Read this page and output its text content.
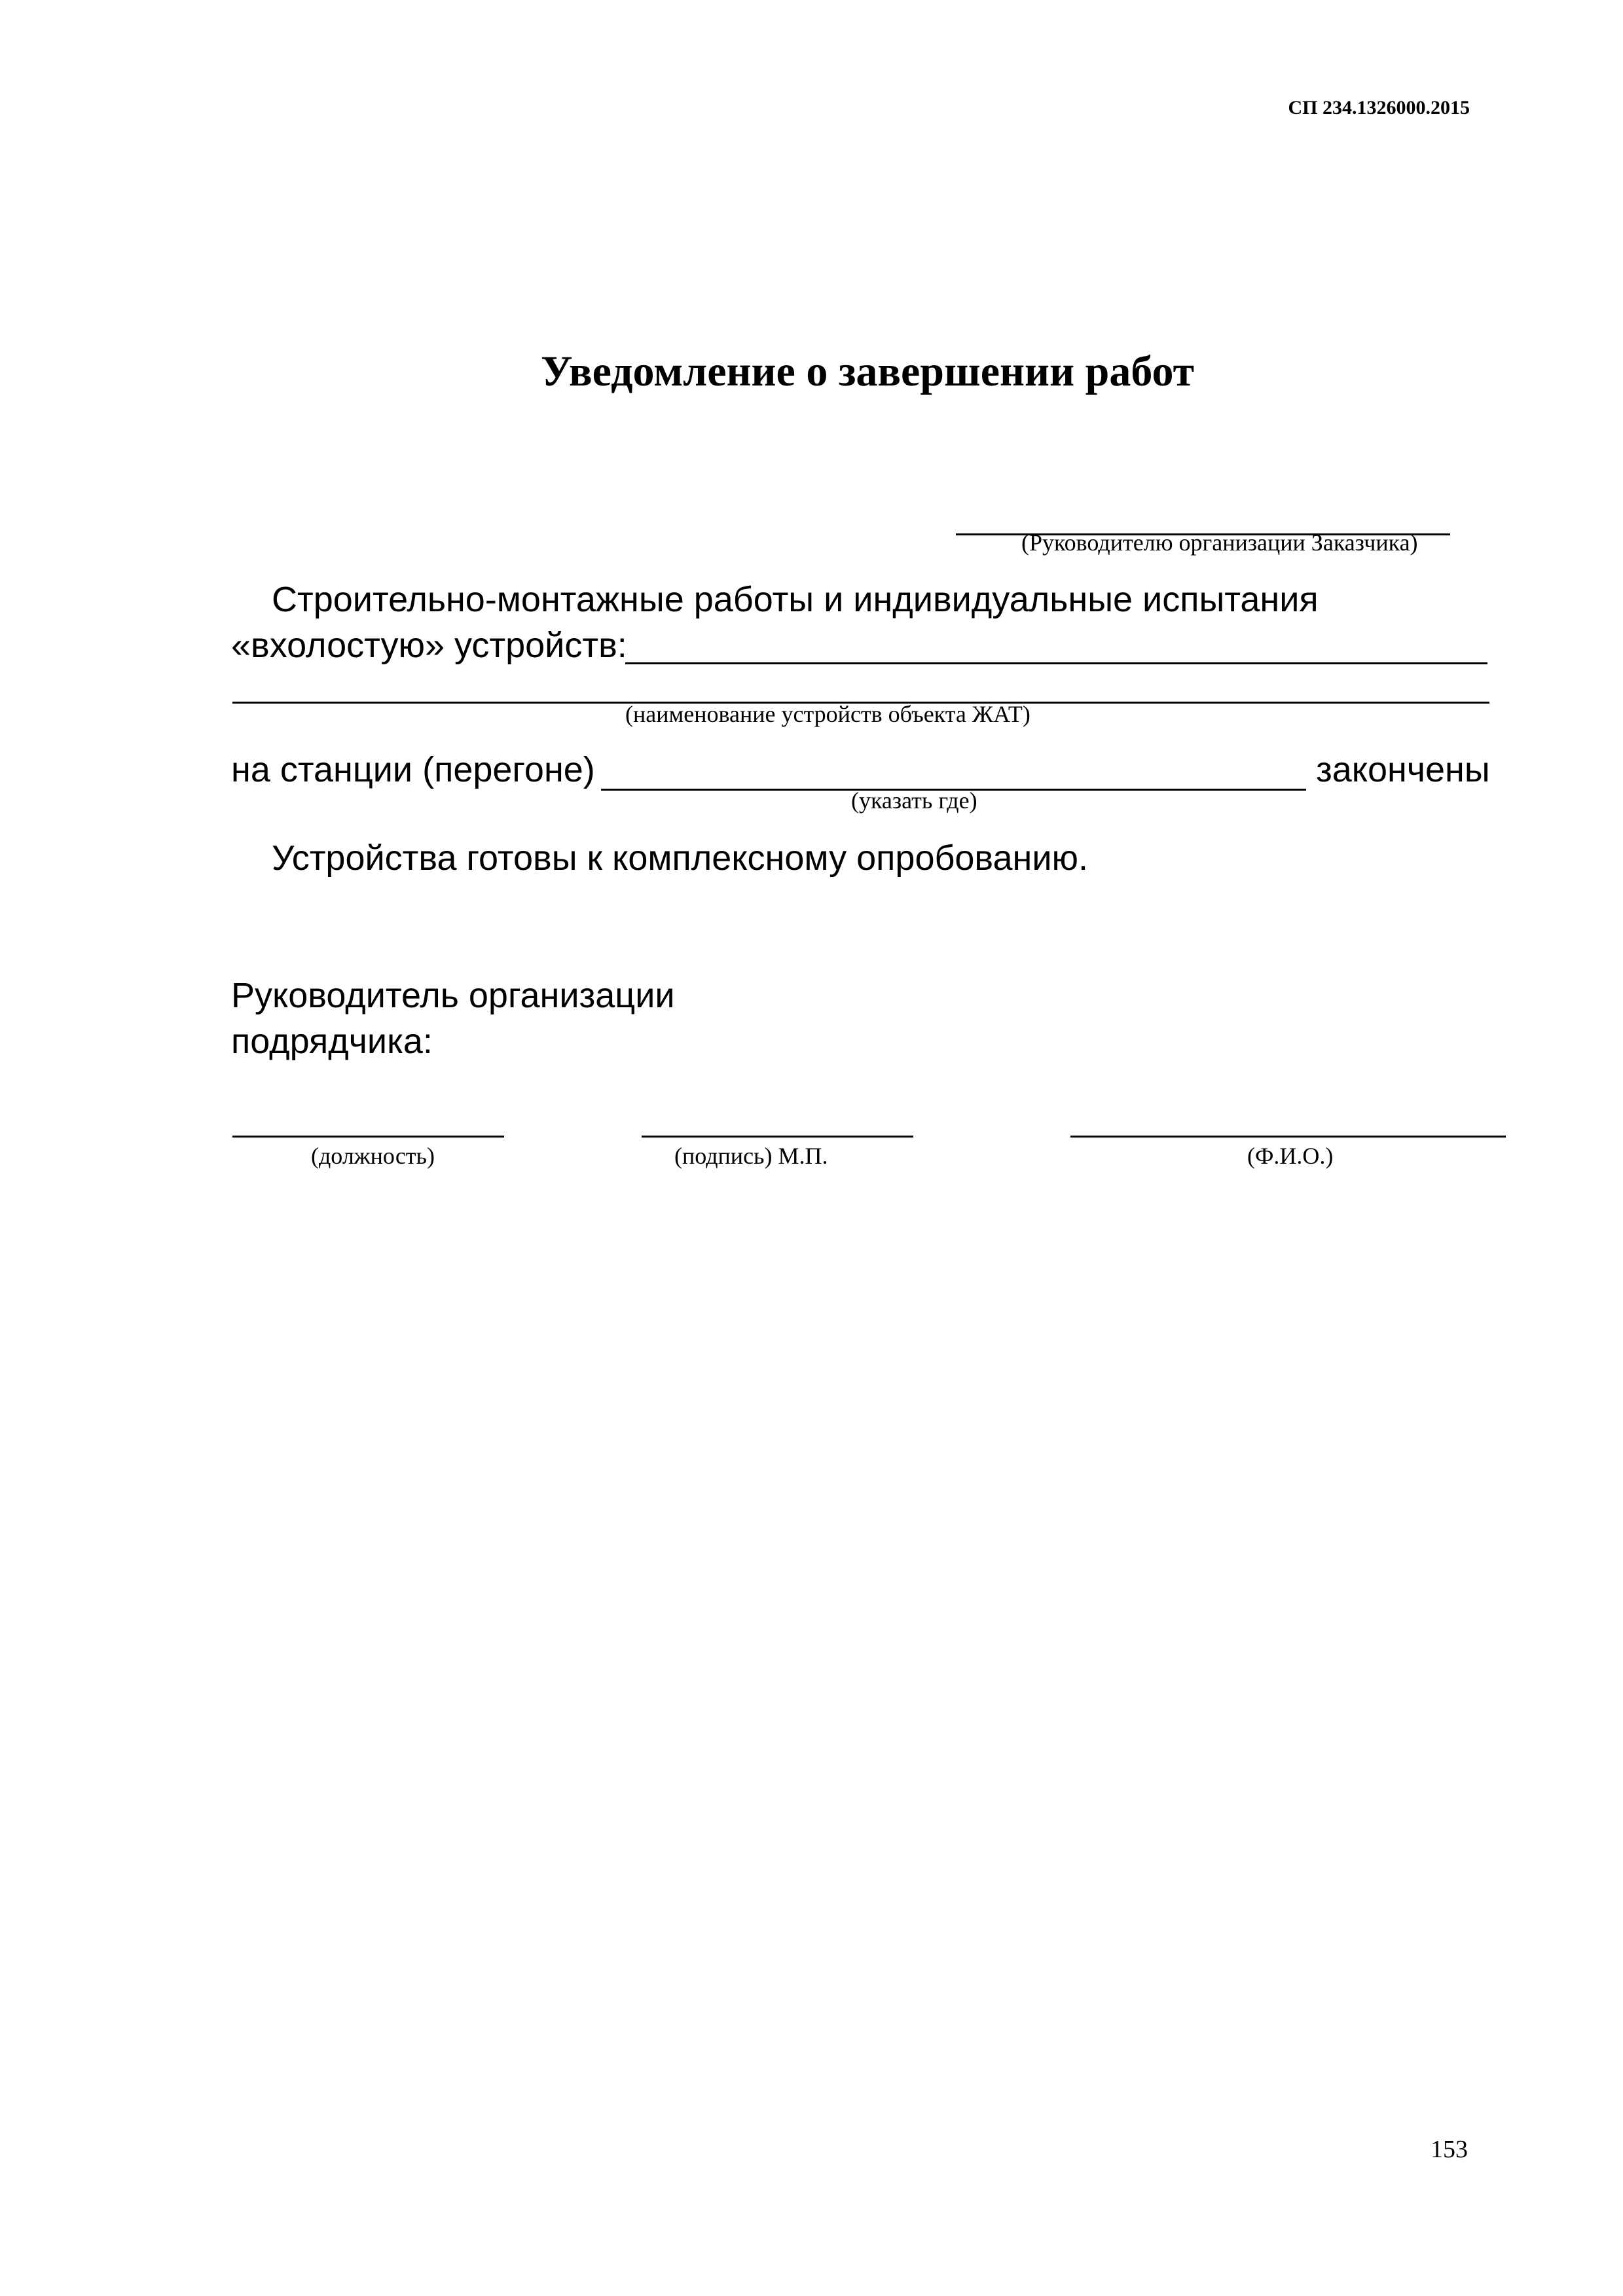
СП 234.1326000.2015
Уведомление о завершении работ
(Руководителю организации Заказчика)
Строительно-монтажные работы и индивидуальные испытания
«вхолостую» устройств:
(наименование устройств объекта ЖАТ)
на станции (перегоне)	закончены
(указать где)
Устройства готовы к комплексному опробованию.
Руководитель организации
подрядчика:
(должность)	(подпись) М.П.	(Ф.И.О.)
153
